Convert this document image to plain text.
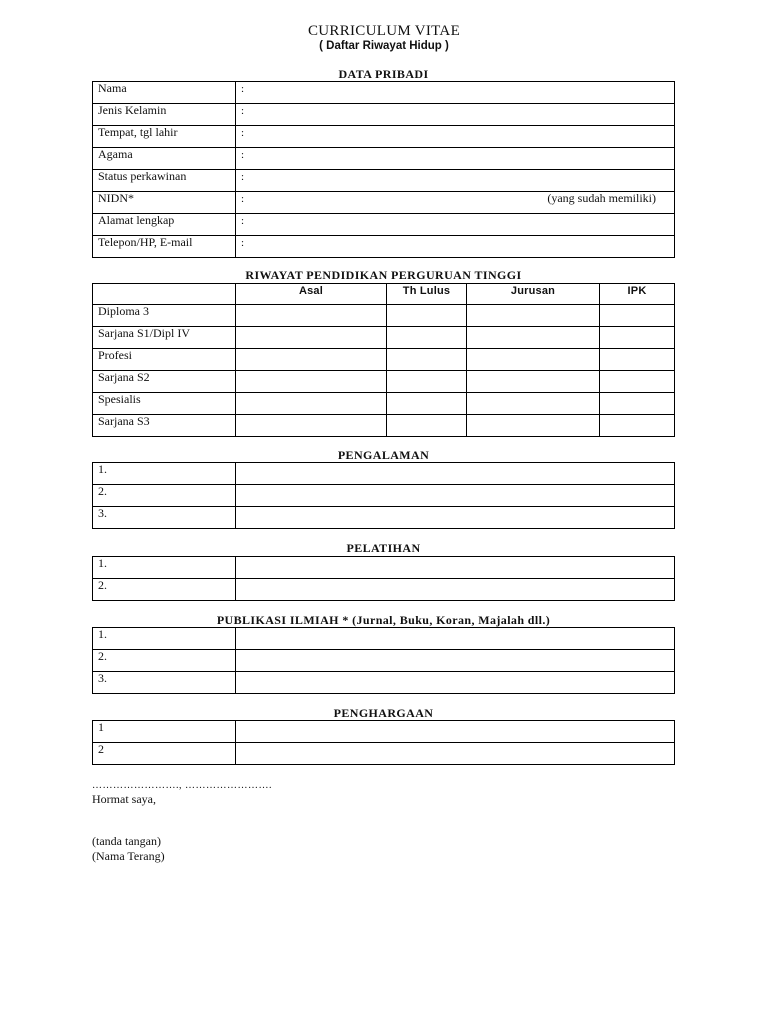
CURRICULUM VITAE
( Daftar Riwayat Hidup )
DATA PRIBADI
Nama	:
Jenis Kelamin	:
Tempat, tgl lahir	:
Agama	:
Status perkawinan	:
NIDN*	: (yang sudah memiliki)

Alamat lengkap	:
Telepon/HP, E-mail	:
RIWAYAT PENDIDIKAN PERGURUAN TINGGI
	Asal	Th Lulus	Jurusan	IPK
Diploma 3				
Sarjana S1/Dipl IV				
Profesi				
Sarjana S2				
Spesialis				
Sarjana S3				
PENGALAMAN
1.	
2.	
3.	
PELATIHAN
1.	
2.	
PUBLIKASI ILMIAH * (Jurnal, Buku, Koran, Majalah dll.)
1.	
2.	
3.	
PENGHARGAAN
1	
2	
……………………., …………………….
Hormat saya,
(tanda tangan)
(Nama Terang)
